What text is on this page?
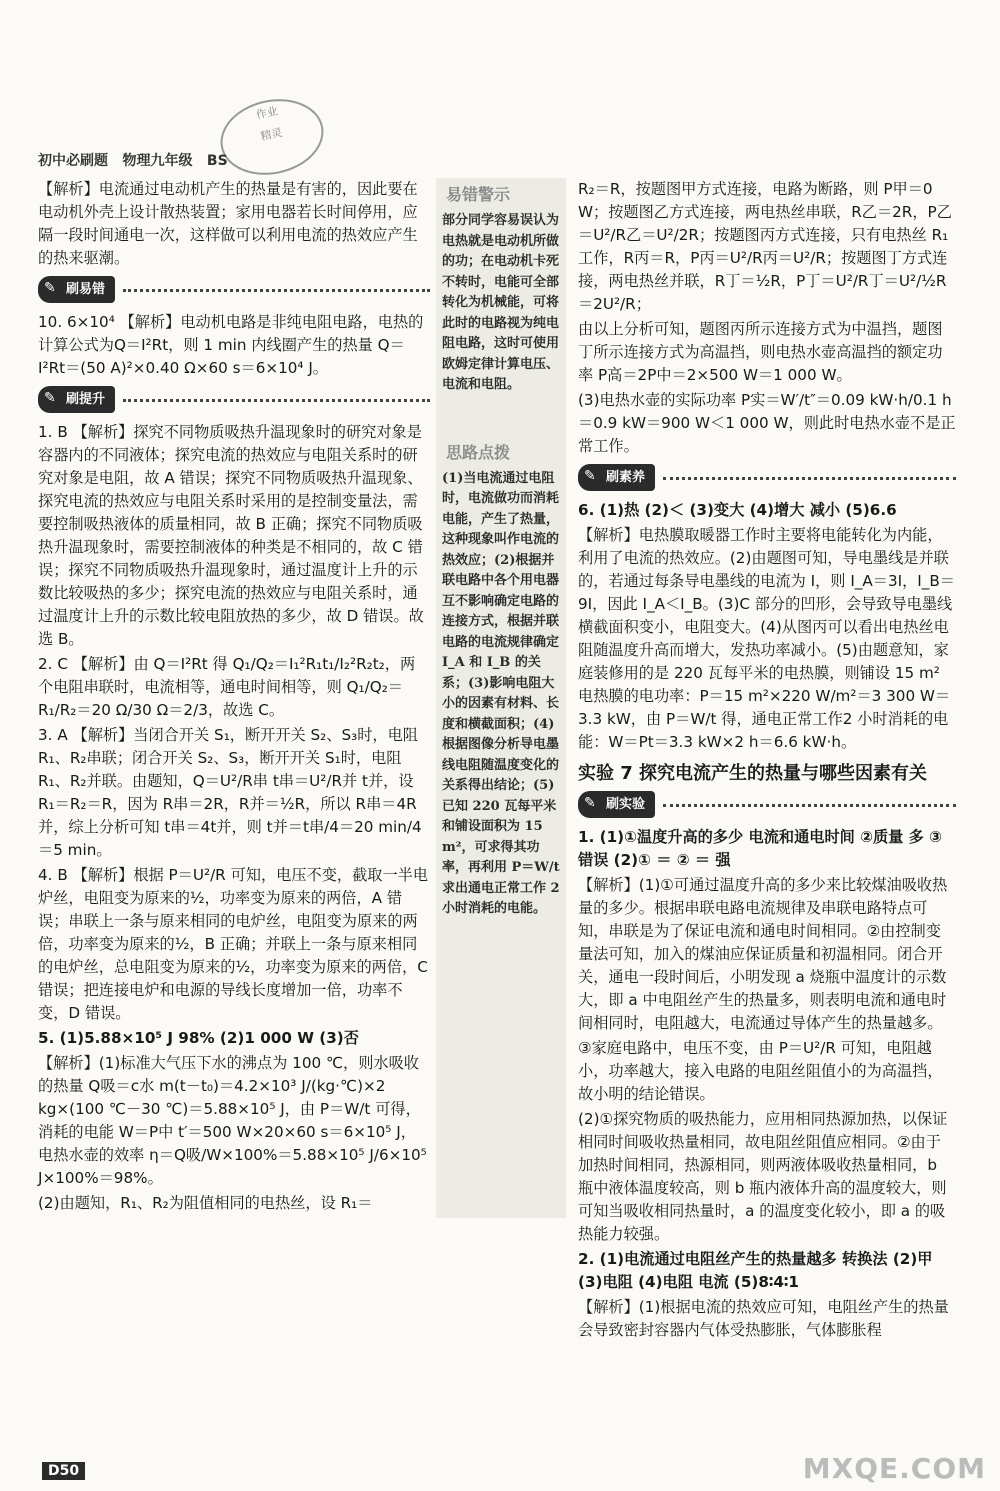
作业
精灵
初中必刷题 物理九年级 BS

【解析】电流通过电动机产生的热量是有害的，因此要在电动机外壳上设计散热装置；家用电器若长时间停用，应隔一段时间通电一次，这样做可以利用电流的热效应产生的热来驱潮。

✎ 刷易错

10. 6×10⁴ 【解析】电动机电路是非纯电阻电路，电热的计算公式为Q＝I²Rt，则 1 min 内线圈产生的热量 Q＝I²Rt＝(50 A)²×0.40 Ω×60 s＝6×10⁴ J。

✎ 刷提升

1. B 【解析】探究不同物质吸热升温现象时的研究对象是容器内的不同液体；探究电流的热效应与电阻关系时的研究对象是电阻，故 A 错误；探究不同物质吸热升温现象、探究电流的热效应与电阻关系时采用的是控制变量法，需要控制吸热液体的质量相同，故 B 正确；探究不同物质吸热升温现象时，需要控制液体的种类是不相同的，故 C 错误；探究不同物质吸热升温现象时，通过温度计上升的示数比较吸热的多少；探究电流的热效应与电阻关系时，通过温度计上升的示数比较电阻放热的多少，故 D 错误。故选 B。

2. C 【解析】由 Q＝I²Rt 得 Q₁/Q₂＝I₁²R₁t₁/I₂²R₂t₂，两个电阻串联时，电流相等，通电时间相等，则 Q₁/Q₂＝R₁/R₂＝20 Ω/30 Ω＝2/3，故选 C。

3. A 【解析】当闭合开关 S₁，断开开关 S₂、S₃时，电阻 R₁、R₂串联；闭合开关 S₂、S₃，断开开关 S₁时，电阻 R₁、R₂并联。由题知，Q＝U²/R串 t串＝U²/R并 t并，设 R₁＝R₂＝R，因为 R串＝2R，R并＝½R，所以 R串＝4R并，综上分析可知 t串＝4t并，则 t并＝t串/4＝20 min/4＝5 min。

4. B 【解析】根据 P＝U²/R 可知，电压不变，截取一半电炉丝，电阻变为原来的½，功率变为原来的两倍，A 错误；串联上一条与原来相同的电炉丝，电阻变为原来的两倍，功率变为原来的½，B 正确；并联上一条与原来相同的电炉丝，总电阻变为原来的½，功率变为原来的两倍，C 错误；把连接电炉和电源的导线长度增加一倍，功率不变，D 错误。

5. (1)5.88×10⁵ J 98% (2)1 000 W (3)否

【解析】(1)标准大气压下水的沸点为 100 ℃，则水吸收的热量 Q吸＝c水 m(t－t₀)＝4.2×10³ J/(kg·℃)×2 kg×(100 ℃－30 ℃)＝5.88×10⁵ J，由 P＝W/t 可得，消耗的电能 W＝P中 t′＝500 W×20×60 s＝6×10⁵ J，电热水壶的效率 η＝Q吸/W×100%＝5.88×10⁵ J/6×10⁵ J×100%＝98%。

(2)由题知，R₁、R₂为阻值相同的电热丝，设 R₁＝

易错警示
部分同学容易误认为电热就是电动机所做的功；在电动机卡死不转时，电能可全部转化为机械能，可将此时的电路视为纯电阻电路，这时可使用欧姆定律计算电压、电流和电阻。
思路点拨
(1)当电流通过电阻时，电流做功而消耗电能，产生了热量，这种现象叫作电流的热效应；(2)根据并联电路中各个用电器互不影响确定电路的连接方式，根据并联电路的电流规律确定 I_A 和 I_B 的关系；(3)影响电阻大小的因素有材料、长度和横截面积；(4)根据图像分析导电墨线电阻随温度变化的关系得出结论；(5)已知 220 瓦每平米和铺设面积为 15 m²，可求得其功率，再利用 P＝W/t 求出通电正常工作 2 小时消耗的电能。

R₂＝R，按题图甲方式连接，电路为断路，则 P甲＝0 W；按题图乙方式连接，两电热丝串联，R乙＝2R，P乙＝U²/R乙＝U²/2R；按题图丙方式连接，只有电热丝 R₁工作，R丙＝R，P丙＝U²/R丙＝U²/R；按题图丁方式连接，两电热丝并联，R丁＝½R，P丁＝U²/R丁＝U²/½R＝2U²/R；

由以上分析可知，题图丙所示连接方式为中温挡，题图丁所示连接方式为高温挡，则电热水壶高温挡的额定功率 P高＝2P中＝2×500 W＝1 000 W。

(3)电热水壶的实际功率 P实＝W′/t″＝0.09 kW·h/0.1 h＝0.9 kW＝900 W＜1 000 W，则此时电热水壶不是正常工作。

✎ 刷素养

6. (1)热 (2)＜ (3)变大 (4)增大 减小 (5)6.6

【解析】电热膜取暖器工作时主要将电能转化为内能，利用了电流的热效应。(2)由题图可知，导电墨线是并联的，若通过每条导电墨线的电流为 I，则 I_A＝3I，I_B＝9I，因此 I_A＜I_B。(3)C 部分的凹形，会导致导电墨线横截面积变小，电阻变大。(4)从图丙可以看出电热丝电阻随温度升高而增大，发热功率减小。(5)由题意知，家庭装修用的是 220 瓦每平米的电热膜，则铺设 15 m² 电热膜的电功率：P＝15 m²×220 W/m²＝3 300 W＝3.3 kW，由 P＝W/t 得，通电正常工作2 小时消耗的电能：W＝Pt＝3.3 kW×2 h＝6.6 kW·h。

实验 7 探究电流产生的热量与哪些因素有关
✎ 刷实验

1. (1)①温度升高的多少 电流和通电时间 ②质量 多 ③错误 (2)① ＝ ② ＝ 强

【解析】(1)①可通过温度升高的多少来比较煤油吸收热量的多少。根据串联电路电流规律及串联电路特点可知，串联是为了保证电流和通电时间相同。②由控制变量法可知，加入的煤油应保证质量和初温相同。闭合开关，通电一段时间后，小明发现 a 烧瓶中温度计的示数大，即 a 中电阻丝产生的热量多，则表明电流和通电时间相同时，电阻越大，电流通过导体产生的热量越多。

③家庭电路中，电压不变，由 P＝U²/R 可知，电阻越小，功率越大，接入电路的电阻丝阻值小的为高温挡，故小明的结论错误。

(2)①探究物质的吸热能力，应用相同热源加热，以保证相同时间吸收热量相同，故电阻丝阻值应相同。②由于加热时间相同，热源相同，则两液体吸收热量相同，b 瓶中液体温度较高，则 b 瓶内液体升高的温度较大，则可知当吸收相同热量时，a 的温度变化较小，即 a 的吸热能力较强。

2. (1)电流通过电阻丝产生的热量越多 转换法 (2)甲 (3)电阻 (4)电阻 电流 (5)8∶4∶1

【解析】(1)根据电流的热效应可知，电阻丝产生的热量会导致密封容器内气体受热膨胀，气体膨胀程

D50	MXQE.COM
